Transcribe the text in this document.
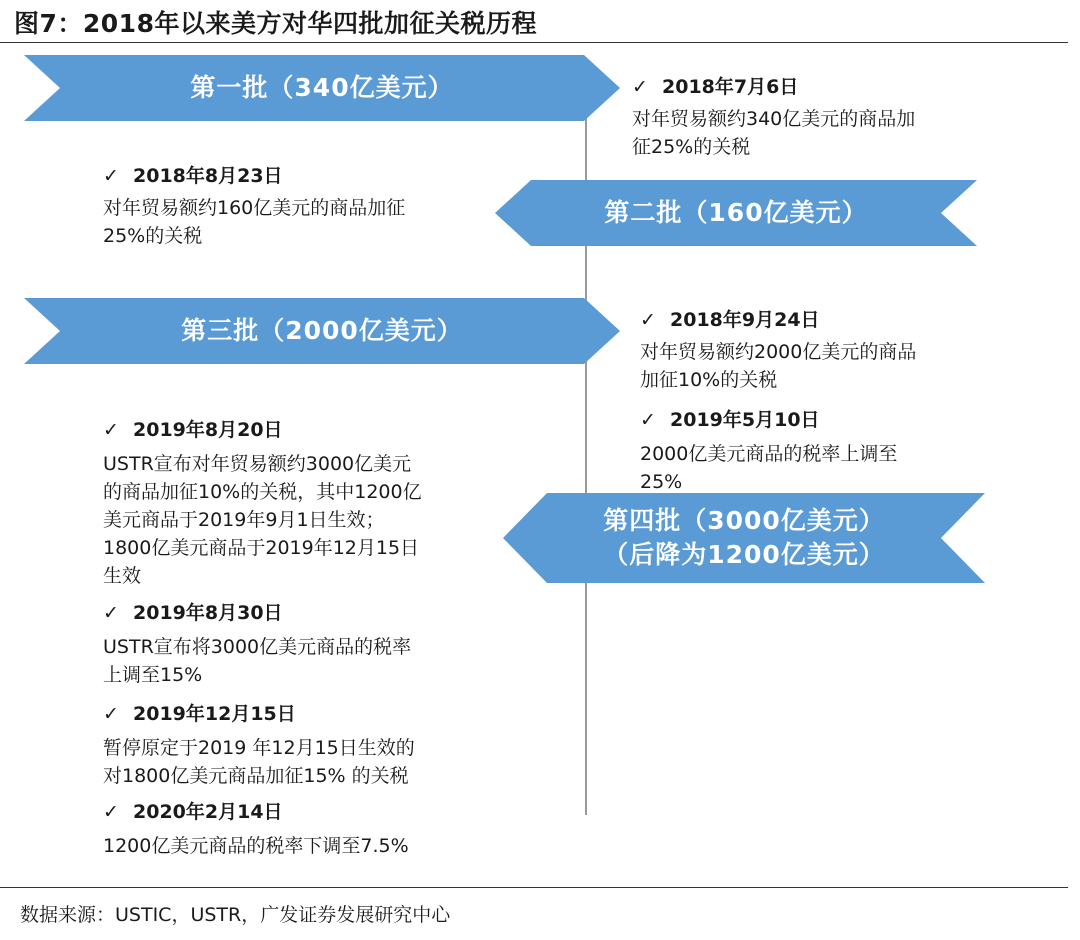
图7：2018年以来美方对华四批加征关税历程
第一批（340亿美元）
第二批（160亿美元）
第三批（2000亿美元）
第四批（3000亿美元）
（后降为1200亿美元）
✓ 2018年7月6日
对年贸易额约340亿美元的商品加
征25%的关税
✓ 2018年8月23日
对年贸易额约160亿美元的商品加征
25%的关税
✓ 2018年9月24日
对年贸易额约2000亿美元的商品
加征10%的关税
✓ 2019年5月10日
2000亿美元商品的税率上调至
25%
✓ 2019年8月20日
USTR宣布对年贸易额约3000亿美元
的商品加征10%的关税，其中1200亿
美元商品于2019年9月1日生效；
1800亿美元商品于2019年12月15日
生效
✓ 2019年8月30日
USTR宣布将3000亿美元商品的税率
上调至15%
✓ 2019年12月15日
暂停原定于2019 年12月15日生效的
对1800亿美元商品加征15% 的关税
✓ 2020年2月14日
1200亿美元商品的税率下调至7.5%
数据来源：USTIC，USTR，广发证券发展研究中心
